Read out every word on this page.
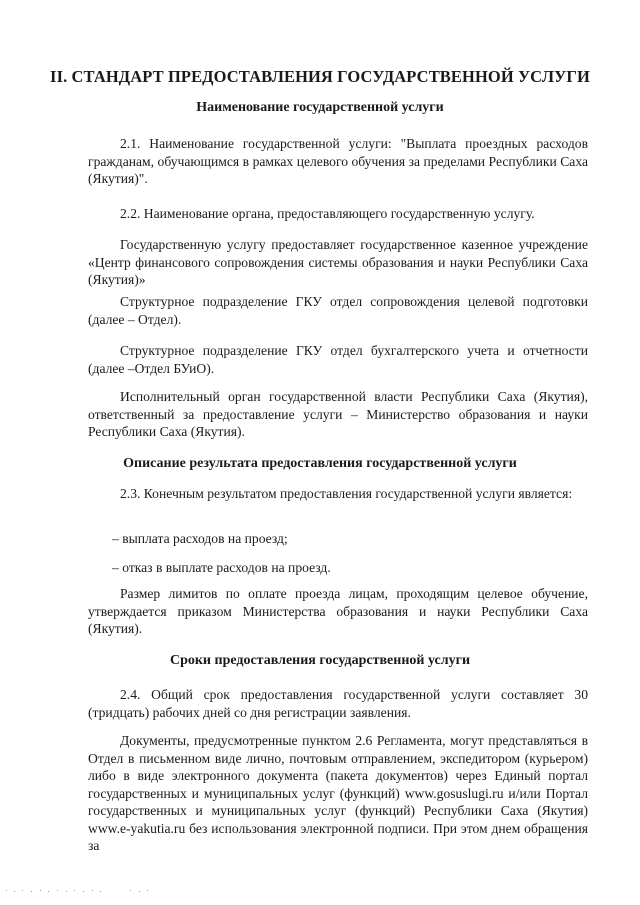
II. СТАНДАРТ ПРЕДОСТАВЛЕНИЯ ГОСУДАРСТВЕННОЙ УСЛУГИ
Наименование государственной услуги
2.1. Наименование государственной услуги: "Выплата проездных расходов гражданам, обучающимся в рамках целевого обучения за пределами Республики Саха (Якутия)".
2.2. Наименование органа, предоставляющего государственную услугу.
Государственную услугу предоставляет государственное казенное учреждение «Центр финансового сопровождения системы образования и науки Республики Саха (Якутия)»
Структурное подразделение ГКУ отдел сопровождения целевой подготовки (далее – Отдел).
Структурное подразделение ГКУ отдел бухгалтерского учета и отчетности (далее –Отдел БУиО).
Исполнительный орган государственной власти Республики Саха (Якутия), ответственный за предоставление услуги – Министерство образования и науки Республики Саха (Якутия).
Описание результата предоставления государственной услуги
2.3. Конечным результатом предоставления государственной услуги является:
– выплата расходов на проезд;
– отказ в выплате расходов на проезд.
Размер лимитов по оплате проезда лицам, проходящим целевое обучение, утверждается приказом Министерства образования и науки Республики Саха (Якутия).
Сроки предоставления государственной услуги
2.4. Общий срок предоставления государственной услуги составляет 30 (тридцать) рабочих дней со дня регистрации заявления.
Документы, предусмотренные пунктом 2.6 Регламента, могут представляться в Отдел в письменном виде лично, почтовым отправлением, экспедитором (курьером) либо в виде электронного документа (пакета документов) через Единый портал государственных и муниципальных услуг (функций) www.gosuslugi.ru и/или Портал государственных и муниципальных услуг (функций) Республики Саха (Якутия) www.e-yakutia.ru без использования электронной подписи. При этом днем обращения за
